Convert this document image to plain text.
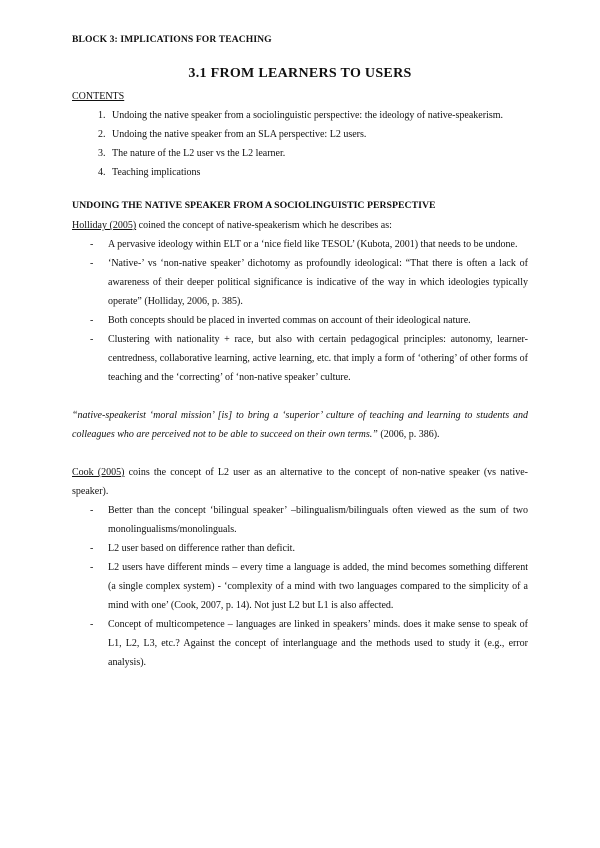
BLOCK 3: IMPLICATIONS FOR TEACHING

3.1 FROM LEARNERS TO USERS
CONTENTS
1. Undoing the native speaker from a sociolinguistic perspective: the ideology of native-speakerism.
2. Undoing the native speaker from an SLA perspective: L2 users.
3. The nature of the L2 user vs the L2 learner.
4. Teaching implications
UNDOING THE NATIVE SPEAKER FROM A SOCIOLINGUISTIC PERSPECTIVE

Holliday (2005) coined the concept of native-speakerism which he describes as:

- A pervasive ideology within ELT or a ‘nice field like TESOL’ (Kubota, 2001) that needs to be undone.
- ‘Native-’ vs ‘non-native speaker’ dichotomy as profoundly ideological: “That there is often a lack of awareness of their deeper political significance is indicative of the way in which ideologies typically operate” (Holliday, 2006, p. 385).
- Both concepts should be placed in inverted commas on account of their ideological nature.
- Clustering with nationality + race, but also with certain pedagogical principles: autonomy, learner-centredness, collaborative learning, active learning, etc. that imply a form of ‘othering’ of other forms of teaching and the ‘correcting’ of ‘non-native speaker’ culture.

“native-speakerist ‘moral mission’ [is] to bring a ‘superior’ culture of teaching and learning to students and colleagues who are perceived not to be able to succeed on their own terms.” (2006, p. 386).

Cook (2005) coins the concept of L2 user as an alternative to the concept of non-native speaker (vs native-speaker).

- Better than the concept ‘bilingual speaker’ –bilingualism/bilinguals often viewed as the sum of two monolingualisms/monolinguals.
- L2 user based on difference rather than deficit.
- L2 users have different minds – every time a language is added, the mind becomes something different (a single complex system) - ‘complexity of a mind with two languages compared to the simplicity of a mind with one’ (Cook, 2007, p. 14). Not just L2 but L1 is also affected.
- Concept of multicompetence – languages are linked in speakers’ minds. does it make sense to speak of L1, L2, L3, etc.? Against the concept of interlanguage and the methods used to study it (e.g., error analysis).
